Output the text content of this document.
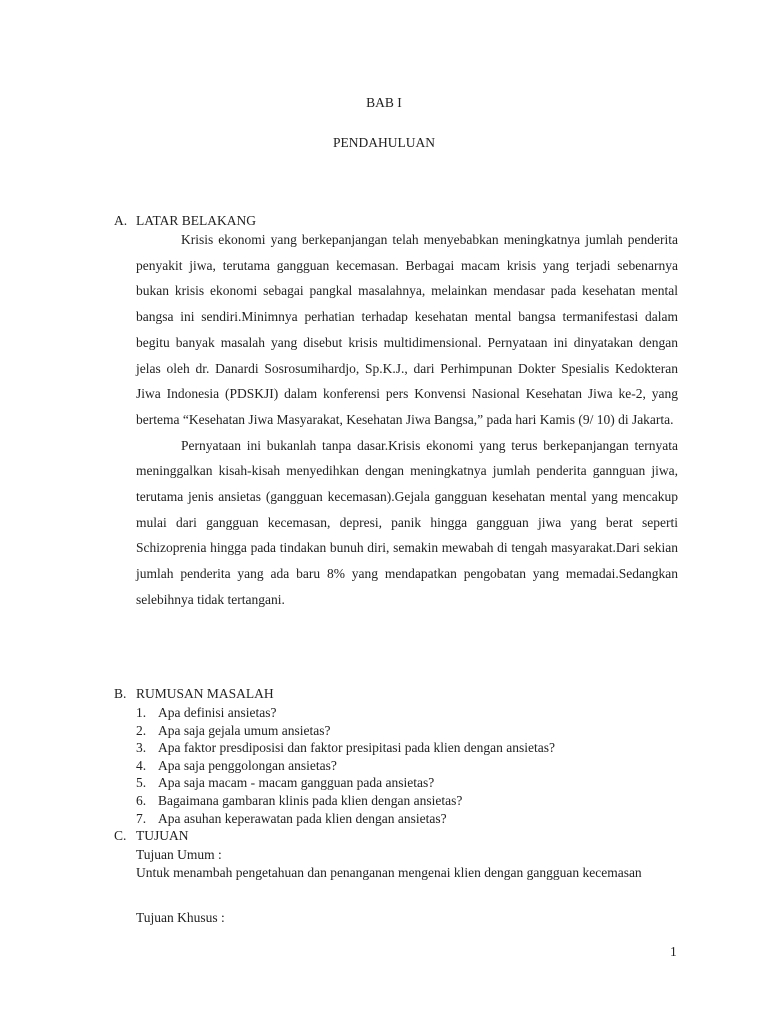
BAB I
PENDAHULUAN
A. LATAR BELAKANG

Krisis ekonomi yang berkepanjangan telah menyebabkan meningkatnya jumlah penderita penyakit jiwa, terutama gangguan kecemasan. Berbagai macam krisis yang terjadi sebenarnya bukan krisis ekonomi sebagai pangkal masalahnya, melainkan mendasar pada kesehatan mental bangsa ini sendiri.Minimnya perhatian terhadap kesehatan mental bangsa termanifestasi dalam begitu banyak masalah yang disebut krisis multidimensional. Pernyataan ini dinyatakan dengan jelas oleh dr. Danardi Sosrosumihardjo, Sp.K.J., dari Perhimpunan Dokter Spesialis Kedokteran Jiwa Indonesia (PDSKJI) dalam konferensi pers Konvensi Nasional Kesehatan Jiwa ke-2, yang bertema “Kesehatan Jiwa Masyarakat, Kesehatan Jiwa Bangsa,” pada hari Kamis (9/ 10) di Jakarta.

Pernyataan ini bukanlah tanpa dasar.Krisis ekonomi yang terus berkepanjangan ternyata meninggalkan kisah-kisah menyedihkan dengan meningkatnya jumlah penderita gannguan jiwa, terutama jenis ansietas (gangguan kecemasan).Gejala gangguan kesehatan mental yang mencakup mulai dari gangguan kecemasan, depresi, panik hingga gangguan jiwa yang berat seperti Schizoprenia hingga pada tindakan bunuh diri, semakin mewabah di tengah masyarakat.Dari sekian jumlah penderita yang ada baru 8% yang mendapatkan pengobatan yang memadai.Sedangkan selebihnya tidak tertangani.

B. RUMUSAN MASALAH
1. Apa definisi ansietas?
2. Apa saja gejala umum ansietas?
3. Apa faktor presdiposisi dan faktor presipitasi pada klien dengan ansietas?
4. Apa saja penggolongan ansietas?
5. Apa saja macam - macam gangguan pada ansietas?
6. Bagaimana gambaran klinis pada klien dengan ansietas?
7. Apa asuhan keperawatan pada klien dengan ansietas?
C. TUJUAN
Tujuan Umum :
Untuk menambah pengetahuan dan penanganan mengenai klien dengan gangguan kecemasan
Tujuan Khusus :
1
